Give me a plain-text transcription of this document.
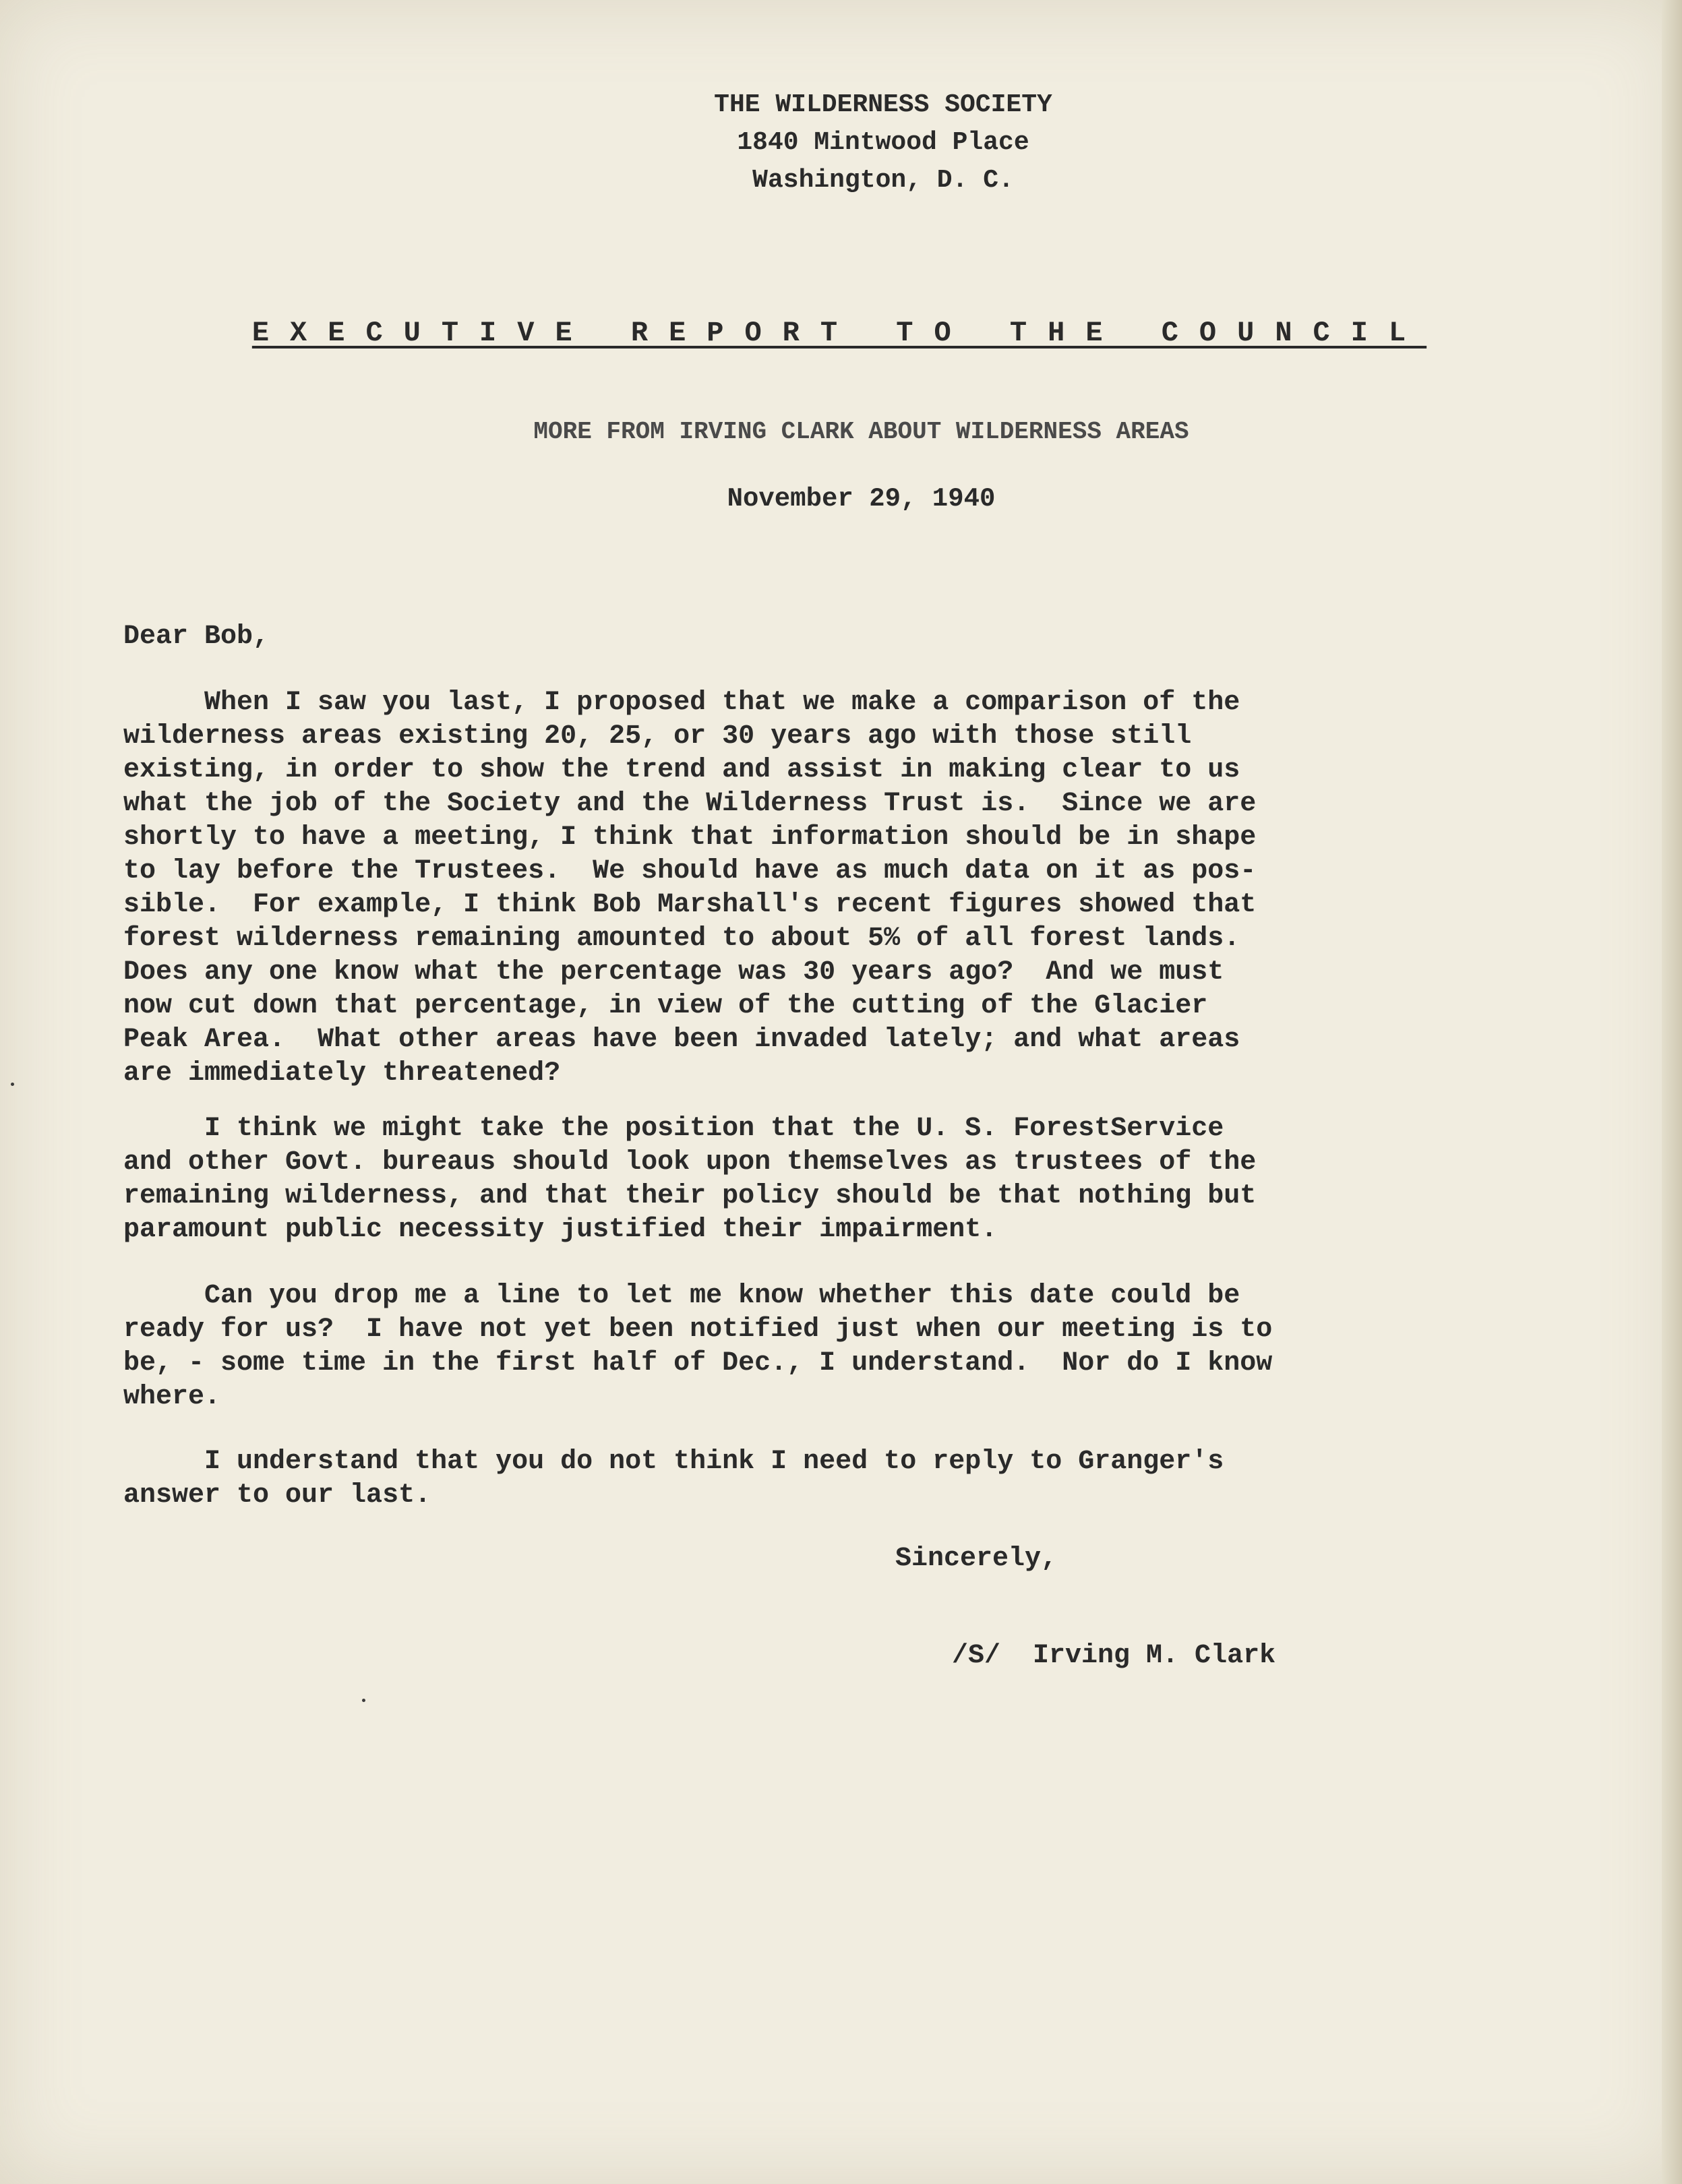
THE WILDERNESS SOCIETY
1840 Mintwood Place
Washington, D. C.
EXECUTIVE REPORT TO THE COUNCIL
MORE FROM IRVING CLARK ABOUT WILDERNESS AREAS
November 29, 1940
Dear Bob,
When I saw you last, I proposed that we make a comparison of the
wilderness areas existing 20, 25, or 30 years ago with those still
existing, in order to show the trend and assist in making clear to us
what the job of the Society and the Wilderness Trust is.  Since we are
shortly to have a meeting, I think that information should be in shape
to lay before the Trustees.  We should have as much data on it as pos-
sible.  For example, I think Bob Marshall's recent figures showed that
forest wilderness remaining amounted to about 5% of all forest lands.
Does any one know what the percentage was 30 years ago?  And we must
now cut down that percentage, in view of the cutting of the Glacier
Peak Area.  What other areas have been invaded lately; and what areas
are immediately threatened?
I think we might take the position that the U. S. ForestService
and other Govt. bureaus should look upon themselves as trustees of the
remaining wilderness, and that their policy should be that nothing but
paramount public necessity justified their impairment.
Can you drop me a line to let me know whether this date could be
ready for us?  I have not yet been notified just when our meeting is to
be, - some time in the first half of Dec., I understand.  Nor do I know
where.
I understand that you do not think I need to reply to Granger's
answer to our last.
Sincerely,
/S/  Irving M. Clark
